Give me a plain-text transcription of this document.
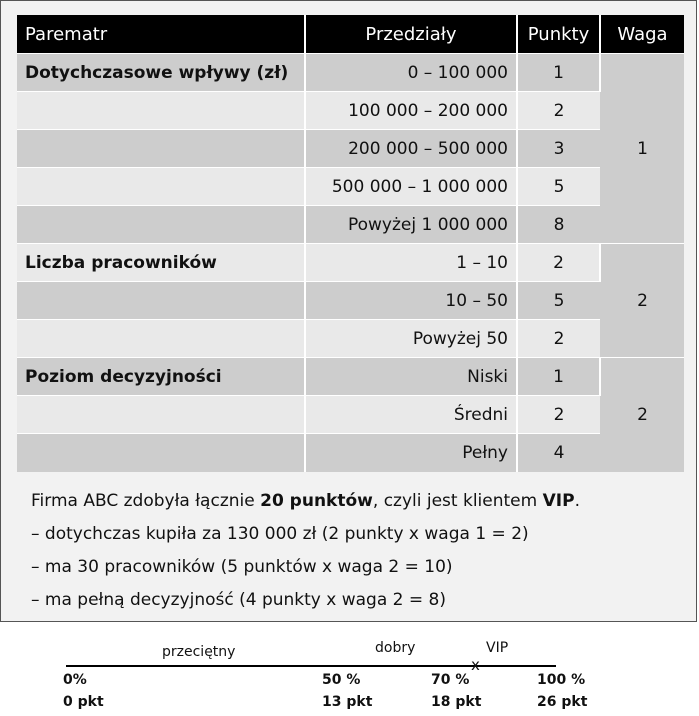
Parematr	Przedziały	Punkty	Waga
Dotychczasowe wpływy (zł)	0 – 100 000	1	1
	100 000 – 200 000	2	
	200 000 – 500 000	3	
	500 000 – 1 000 000	5	
	Powyżej 1 000 000	8	
Liczba pracowników	1 – 10	2	2
	10 – 50	5	
	Powyżej 50	2	
Poziom decyzyjności	Niski	1	2
	Średni	2	
	Pełny	4	
Firma ABC zdobyła łącznie 20 punktów, czyli jest klientem VIP.
– dotychczas kupiła za 130 000 zł (2 punkty x waga 1 = 2)
– ma 30 pracowników (5 punktów x waga 2 = 10)
– ma pełną decyzyjność (4 punkty x waga 2 = 8)
przeciętny	dobry	VIP
x
0%	50 %	70 %	100 %
0 pkt	13 pkt	18 pkt	26 pkt
